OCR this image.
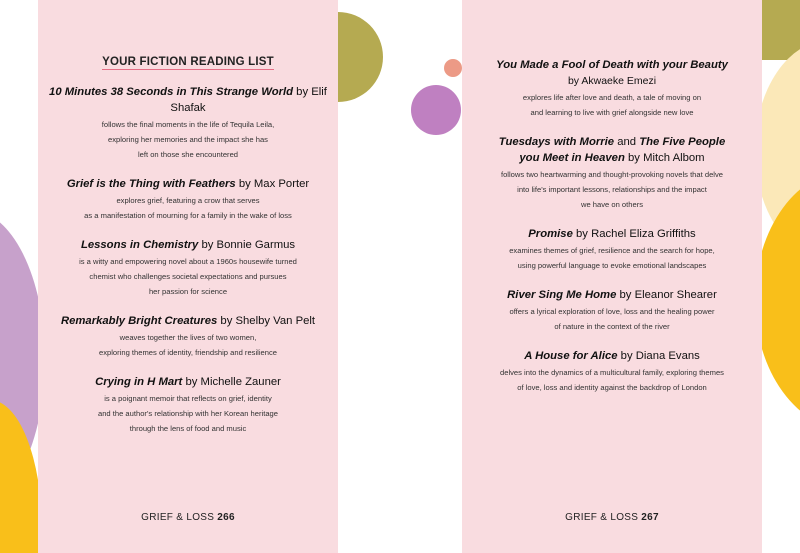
YOUR FICTION READING LIST
10 Minutes 38 Seconds in This Strange World by Elif Shafak
follows the final moments in the life of Tequila Leila,
exploring her memories and the impact she has
left on those she encountered
Grief is the Thing with Feathers by Max Porter
explores grief, featuring a crow that serves
as a manifestation of mourning for a family in the wake of loss
Lessons in Chemistry by Bonnie Garmus
is a witty and empowering novel about a 1960s housewife turned
chemist who challenges societal expectations and pursues
her passion for science
Remarkably Bright Creatures by Shelby Van Pelt
weaves together the lives of two women,
exploring themes of identity, friendship and resilience
Crying in H Mart by Michelle Zauner
is a poignant memoir that reflects on grief, identity
and the author's relationship with her Korean heritage
through the lens of food and music
GRIEF & LOSS 266
You Made a Fool of Death with your Beauty
by Akwaeke Emezi
explores life after love and death, a tale of moving on
and learning to live with grief alongside new love
Tuesdays with Morrie and The Five People
you Meet in Heaven by Mitch Albom
follows two heartwarming and thought-provoking novels that delve
into life's important lessons, relationships and the impact
we have on others
Promise by Rachel Eliza Griffiths
examines themes of grief, resilience and the search for hope,
using powerful language to evoke emotional landscapes
River Sing Me Home by Eleanor Shearer
offers a lyrical exploration of love, loss and the healing power
of nature in the context of the river
A House for Alice by Diana Evans
delves into the dynamics of a multicultural family, exploring themes
of love, loss and identity against the backdrop of London
GRIEF & LOSS 267
